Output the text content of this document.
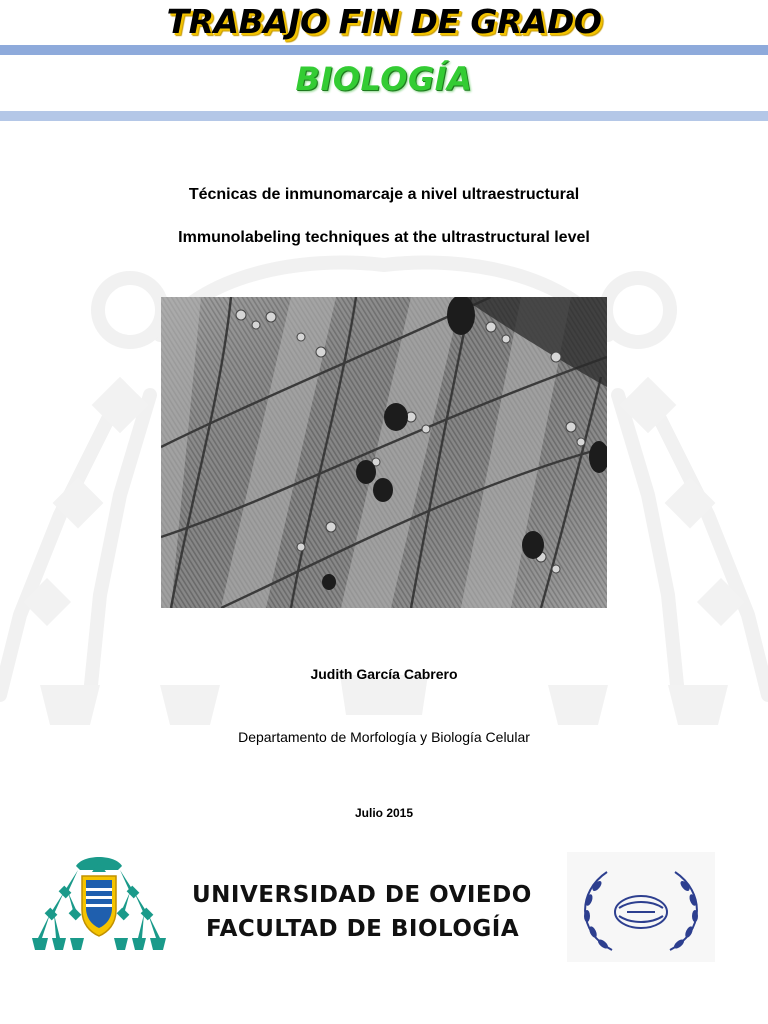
TRABAJO FIN DE GRADO
BIOLOGÍA
Técnicas de inmunomarcaje a nivel ultraestructural
Immunolabeling techniques at the ultrastructural level
Judith García Cabrero
Departamento de Morfología y Biología Celular
Julio 2015
UNIVERSIDAD DE OVIEDO
FACULTAD DE BIOLOGÍA
